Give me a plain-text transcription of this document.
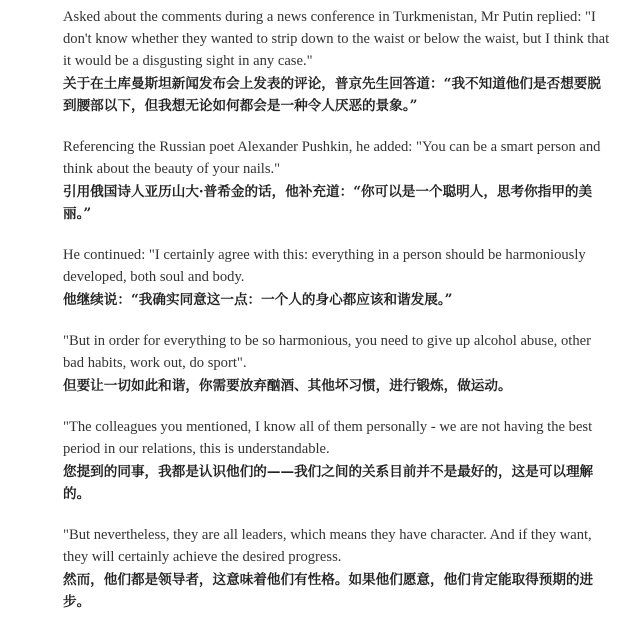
Asked about the comments during a news conference in Turkmenistan, Mr Putin replied: "I don't know whether they wanted to strip down to the waist or below the waist, but I think that it would be a disgusting sight in any case."

关于在土库曼斯坦新闻发布会上发表的评论，普京先生回答道：“我不知道他们是否想要脱到腰部以下，但我想无论如何都会是一种令人厌恶的景象。”

Referencing the Russian poet Alexander Pushkin, he added: "You can be a smart person and think about the beauty of your nails."

引用俄国诗人亚历山大·普希金的话，他补充道：“你可以是一个聪明人，思考你指甲的美丽。”

He continued: "I certainly agree with this: everything in a person should be harmoniously developed, both soul and body.

他继续说：“我确实同意这一点：一个人的身心都应该和谐发展。”

"But in order for everything to be so harmonious, you need to give up alcohol abuse, other bad habits, work out, do sport".

但要让一切如此和谐，你需要放弃酗酒、其他坏习惯，进行锻炼，做运动。

"The colleagues you mentioned, I know all of them personally - we are not having the best period in our relations, this is understandable.

您提到的同事，我都是认识他们的——我们之间的关系目前并不是最好的，这是可以理解的。

"But nevertheless, they are all leaders, which means they have character. And if they want, they will certainly achieve the desired progress.

然而，他们都是领导者，这意味着他们有性格。如果他们愿意，他们肯定能取得预期的进步。
